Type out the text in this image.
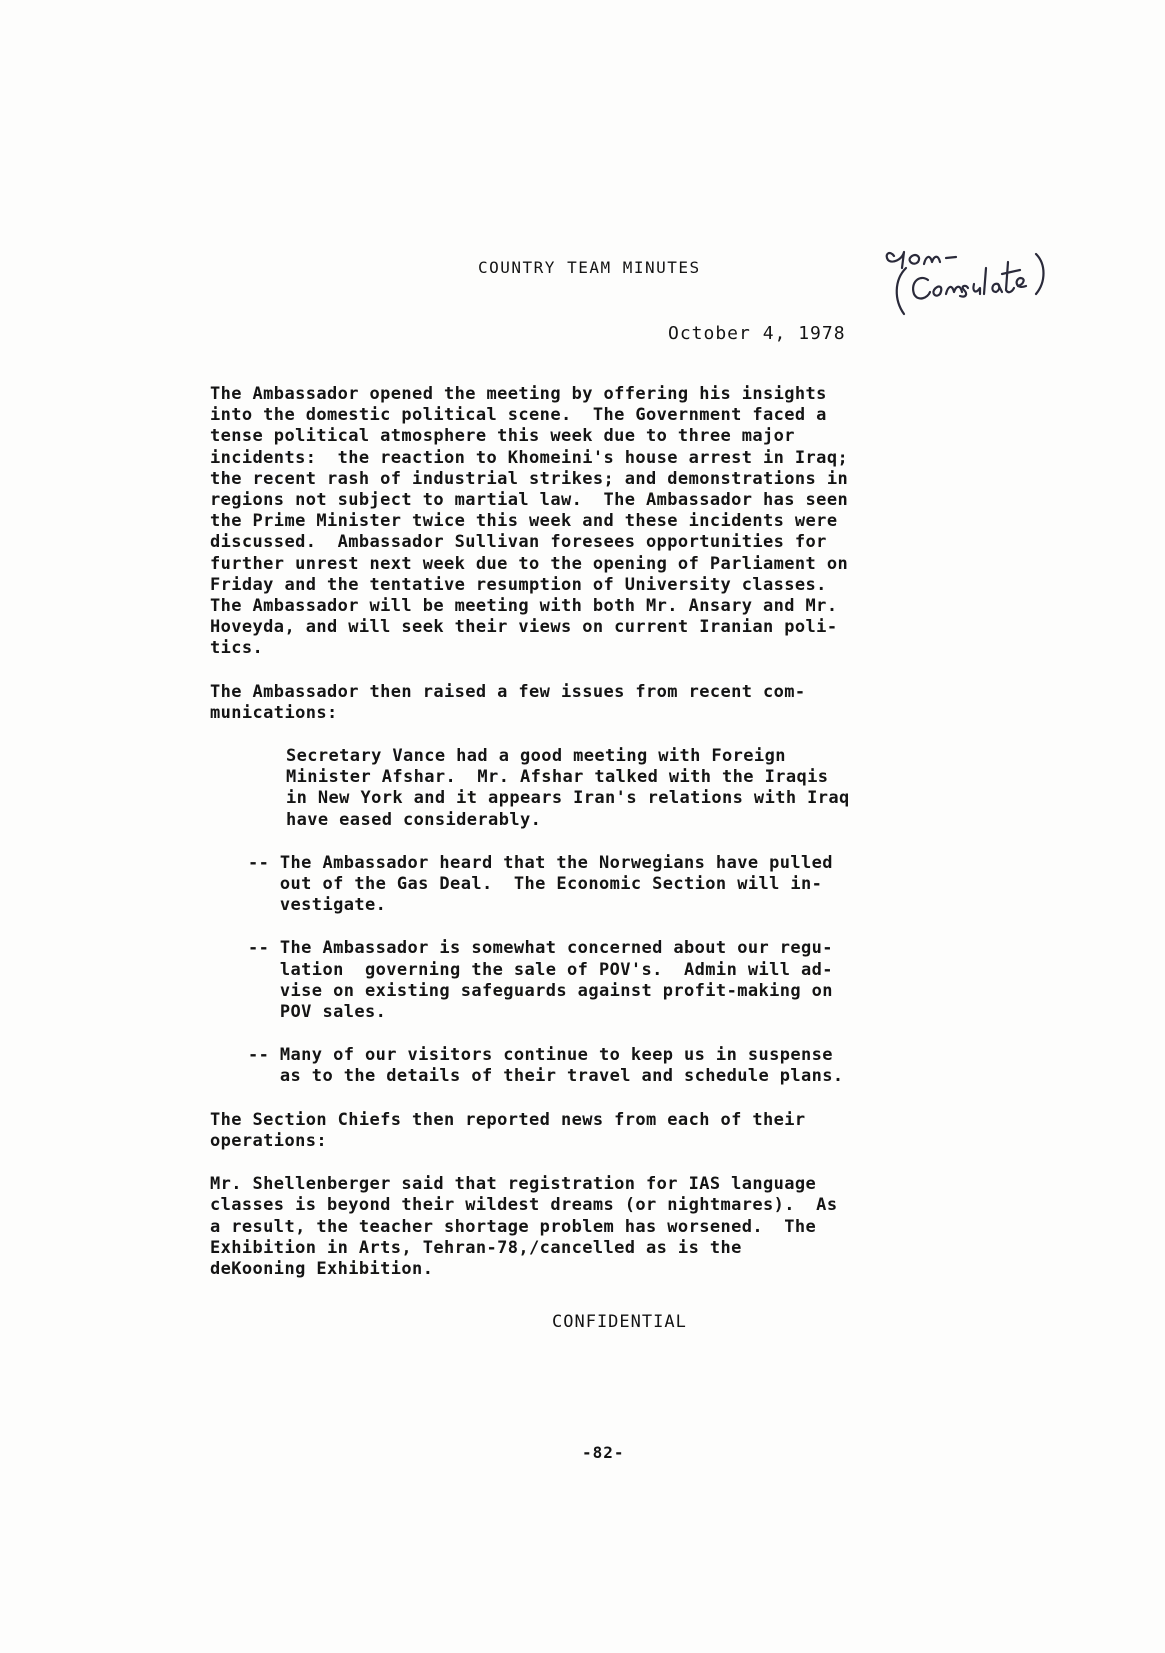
COUNTRY TEAM MINUTES
October 4, 1978
The Ambassador opened the meeting by offering his insights
into the domestic political scene.  The Government faced a
tense political atmosphere this week due to three major
incidents:  the reaction to Khomeini's house arrest in Iraq;
the recent rash of industrial strikes; and demonstrations in
regions not subject to martial law.  The Ambassador has seen
the Prime Minister twice this week and these incidents were
discussed.  Ambassador Sullivan foresees opportunities for
further unrest next week due to the opening of Parliament on
Friday and the tentative resumption of University classes.
The Ambassador will be meeting with both Mr. Ansary and Mr.
Hoveyda, and will seek their views on current Iranian poli-
tics.
The Ambassador then raised a few issues from recent com-
munications:
Secretary Vance had a good meeting with Foreign
Minister Afshar.  Mr. Afshar talked with the Iraqis
in New York and it appears Iran's relations with Iraq
have eased considerably.
-- The Ambassador heard that the Norwegians have pulled
out of the Gas Deal.  The Economic Section will in-
vestigate.
-- The Ambassador is somewhat concerned about our regu-
lation  governing the sale of POV's.  Admin will ad-
vise on existing safeguards against profit-making on
POV sales.
-- Many of our visitors continue to keep us in suspense
as to the details of their travel and schedule plans.
The Section Chiefs then reported news from each of their
operations:
Mr. Shellenberger said that registration for IAS language
classes is beyond their wildest dreams (or nightmares).  As
a result, the teacher shortage problem has worsened.  The
Exhibition in Arts, Tehran-78,/cancelled as is the
deKooning Exhibition.
CONFIDENTIAL
-82-
